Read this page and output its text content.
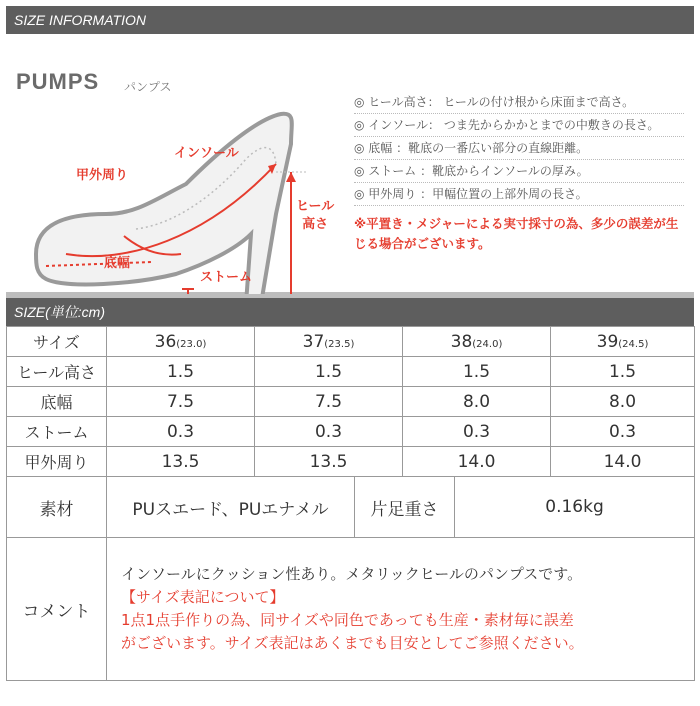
SIZE INFORMATION
PUMPS パンプス
インソール
甲外周り
ヒール
高さ
底幅
ストーム
◎ ヒール高さ： ヒールの付け根から床面まで高さ。
◎ インソール： つま先からかかとまでの中敷きの長さ。
◎ 底幅 ：靴底の一番広い部分の直線距離。
◎ ストーム ：靴底からインソールの厚み。
◎ 甲外周り ：甲幅位置の上部外周の長さ。
※平置き・メジャーによる実寸採寸の為、多少の誤差が生じる場合がございます。
SIZE(単位:cm)
サイズ	36(23.0)	37(23.5)	38(24.0)	39(24.5)
ヒール高さ	1.5	1.5	1.5	1.5
底幅	7.5	7.5	8.0	8.0
ストーム	0.3	0.3	0.3	0.3
甲外周り	13.5	13.5	14.0	14.0
素材	PUスエード、PUエナメル	片足重さ	0.16kg
コメント	
インソールにクッション性あり。メタリックヒールのパンプスです。
【サイズ表記について】
1点1点手作りの為、同サイズや同色であっても生産・素材毎に誤差
がございます。サイズ表記はあくまでも目安としてご参照ください。
